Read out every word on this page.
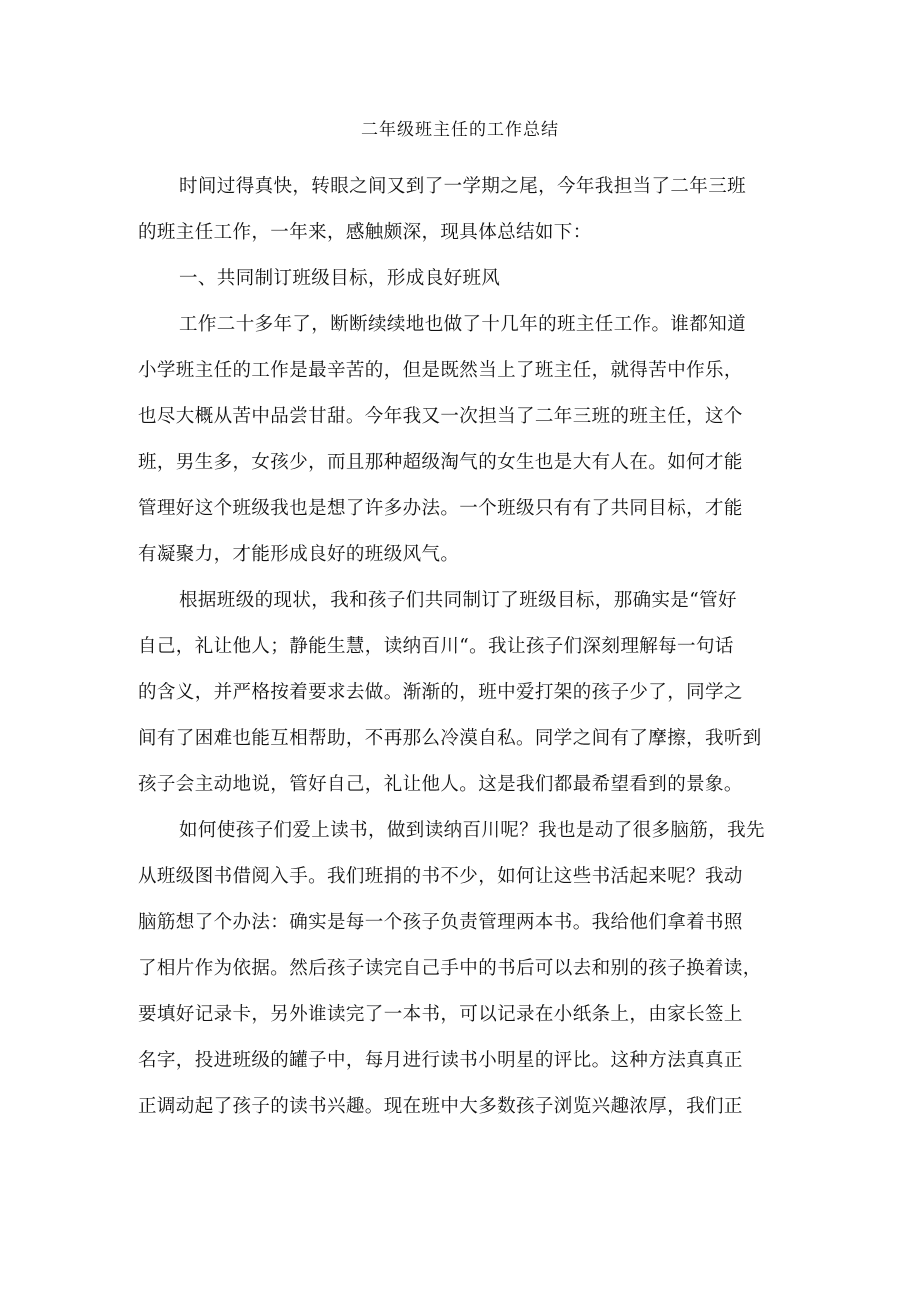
二年级班主任的工作总结
时间过得真快，转眼之间又到了一学期之尾，今年我担当了二年三班
的班主任工作，一年来，感触颇深，现具体总结如下：
一、共同制订班级目标，形成良好班风
工作二十多年了，断断续续地也做了十几年的班主任工作。谁都知道
小学班主任的工作是最辛苦的，但是既然当上了班主任，就得苦中作乐，
也尽大概从苦中品尝甘甜。今年我又一次担当了二年三班的班主任，这个
班，男生多，女孩少，而且那种超级淘气的女生也是大有人在。如何才能
管理好这个班级我也是想了许多办法。一个班级只有有了共同目标，才能
有凝聚力，才能形成良好的班级风气。
根据班级的现状，我和孩子们共同制订了班级目标，那确实是“管好
自己，礼让他人；静能生慧，读纳百川“。我让孩子们深刻理解每一句话
的含义，并严格按着要求去做。渐渐的，班中爱打架的孩子少了，同学之
间有了困难也能互相帮助，不再那么冷漠自私。同学之间有了摩擦，我听到
孩子会主动地说，管好自己，礼让他人。这是我们都最希望看到的景象。
如何使孩子们爱上读书，做到读纳百川呢？我也是动了很多脑筋，我先
从班级图书借阅入手。我们班捐的书不少，如何让这些书活起来呢？我动
脑筋想了个办法：确实是每一个孩子负责管理两本书。我给他们拿着书照
了相片作为依据。然后孩子读完自己手中的书后可以去和别的孩子换着读，
要填好记录卡，另外谁读完了一本书，可以记录在小纸条上，由家长签上
名字，投进班级的罐子中，每月进行读书小明星的评比。这种方法真真正
正调动起了孩子的读书兴趣。现在班中大多数孩子浏览兴趣浓厚，我们正
